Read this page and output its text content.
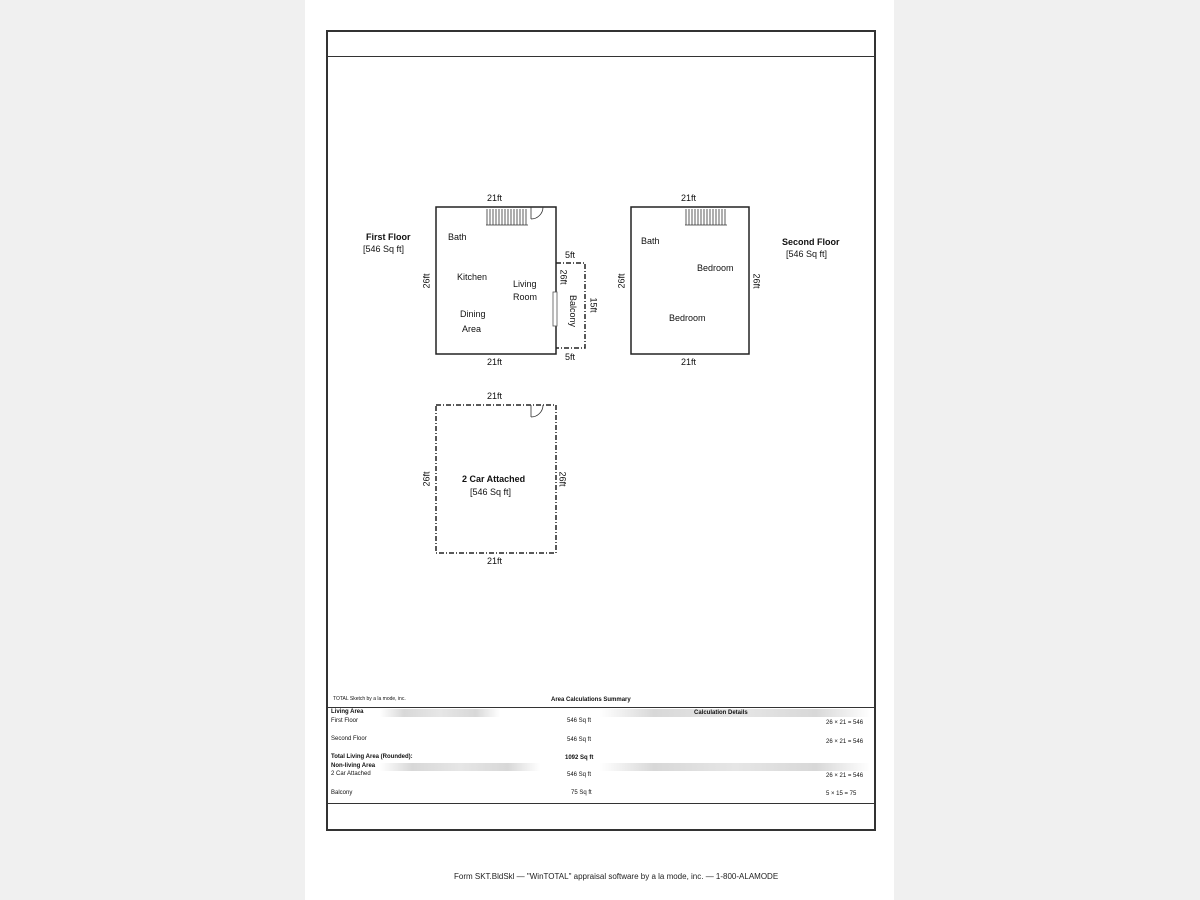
First Floor
[546 Sq ft]
21ft
21ft
26ft	26ft
Bath
Kitchen
Living
Room
Dining
Area
5ft
5ft
15ft
Balcony
Second Floor
[546 Sq ft]
21ft
21ft
26ft	26ft
Bath
Bedroom
Bedroom
21ft
21ft
26ft	26ft
2 Car Attached
[546 Sq ft]
TOTAL Sketch by a la mode, inc.	Area Calculations Summary
Living Area	Calculation Details
First Floor	546 Sq ft	26 × 21 = 546
Second Floor	546 Sq ft	26 × 21 = 546
Total Living Area (Rounded):	1092 Sq ft
Non-living Area
2 Car Attached	546 Sq ft	26 × 21 = 546
Balcony	75 Sq ft	5 × 15 = 75
Form SKT.BldSkl — "WinTOTAL" appraisal software by a la mode, inc. — 1-800-ALAMODE
